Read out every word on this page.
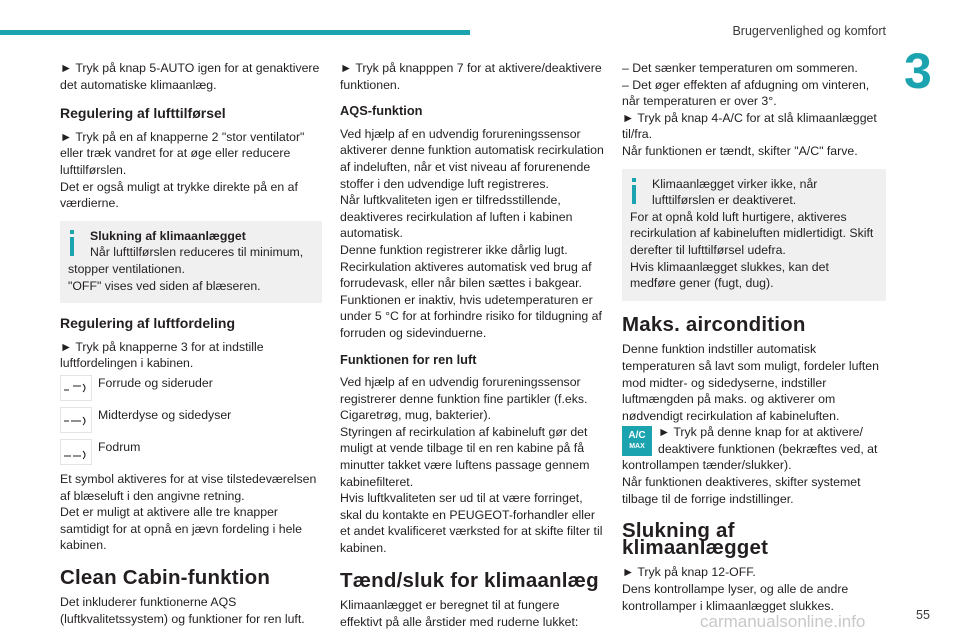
Brugervenlighed og komfort
3

► Tryk på knap 5-AUTO igen for at genaktivere det automatiske klimaanlæg.

Regulering af lufttilførsel

► Tryk på en af knapperne 2 "stor ventilator" eller træk vandret for at øge eller reducere lufttilførslen.

Det er også muligt at trykke direkte på en af værdierne.

Slukning af klimaanlægget
Når lufttilførslen reduceres til minimum,
stopper ventilationen.
"OFF" vises ved siden af blæseren.
Regulering af luftfordeling

► Tryk på knapperne 3 for at indstille luftfordelingen i kabinen.

Forrude og sideruder
Midterdyse og sidedyser
Fodrum

Et symbol aktiveres for at vise tilstedeværelsen af blæseluft i den angivne retning.

Det er muligt at aktivere alle tre knapper samtidigt for at opnå en jævn fordeling i hele kabinen.

Clean Cabin-funktion

Det inkluderer funktionerne AQS (luftkvalitetssystem) og funktioner for ren luft.

► Tryk på knapppen 7 for at aktivere/deaktivere funktionen.

AQS-funktion

Ved hjælp af en udvendig forureningssensor aktiverer denne funktion automatisk recirkulation af indeluften, når et vist niveau af forurenende stoffer i den udvendige luft registreres.

Når luftkvaliteten igen er tilfredsstillende, deaktiveres recirkulation af luften i kabinen automatisk.

Denne funktion registrerer ikke dårlig lugt.

Recirkulation aktiveres automatisk ved brug af forrudevask, eller når bilen sættes i bakgear.

Funktionen er inaktiv, hvis udetemperaturen er under 5 °C for at forhindre risiko for tildugning af forruden og sidevinduerne.

Funktionen for ren luft

Ved hjælp af en udvendig forureningssensor registrerer denne funktion fine partikler (f.eks. Cigaretrøg, mug, bakterier).

Styringen af recirkulation af kabineluft gør det muligt at vende tilbage til en ren kabine på få minutter takket være luftens passage gennem kabinefilteret.

Hvis luftkvaliteten ser ud til at være forringet, skal du kontakte en PEUGEOT-forhandler eller et andet kvalificeret værksted for at skifte filter til kabinen.

Tænd/sluk for klimaanlæg

Klimaanlægget er beregnet til at fungere effektivt på alle årstider med ruderne lukket:

– Det sænker temperaturen om sommeren.

– Det øger effekten af afdugning om vinteren, når temperaturen er over 3°.

► Tryk på knap 4-A/C for at slå klimaanlægget til/fra.

Når funktionen er tændt, skifter "A/C" farve.

Klimaanlægget virker ikke, når
lufttilførslen er deaktiveret.
For at opnå kold luft hurtigere, aktiveres recirkulation af kabineluften midlertidigt. Skift derefter til lufttilførsel udefra.
Hvis klimaanlægget slukkes, kan det medføre gener (fugt, dug).
Maks. aircondition

Denne funktion indstiller automatisk temperaturen så lavt som muligt, fordeler luften mod midter- og sidedyserne, indstiller luftmængden på maks. og aktiverer om nødvendigt recirkulation af kabineluften.

A/C
MAX
► Tryk på denne knap for at aktivere/ deaktivere funktionen (bekræftes ved, at kontrollampen tænder/slukker).

Når funktionen deaktiveres, skifter systemet tilbage til de forrige indstillinger.

Slukning af klimaanlægget

► Tryk på knap 12-OFF.

Dens kontrollampe lyser, og alle de andre kontrollamper i klimaanlægget slukkes.

carmanualsonline.info	55
